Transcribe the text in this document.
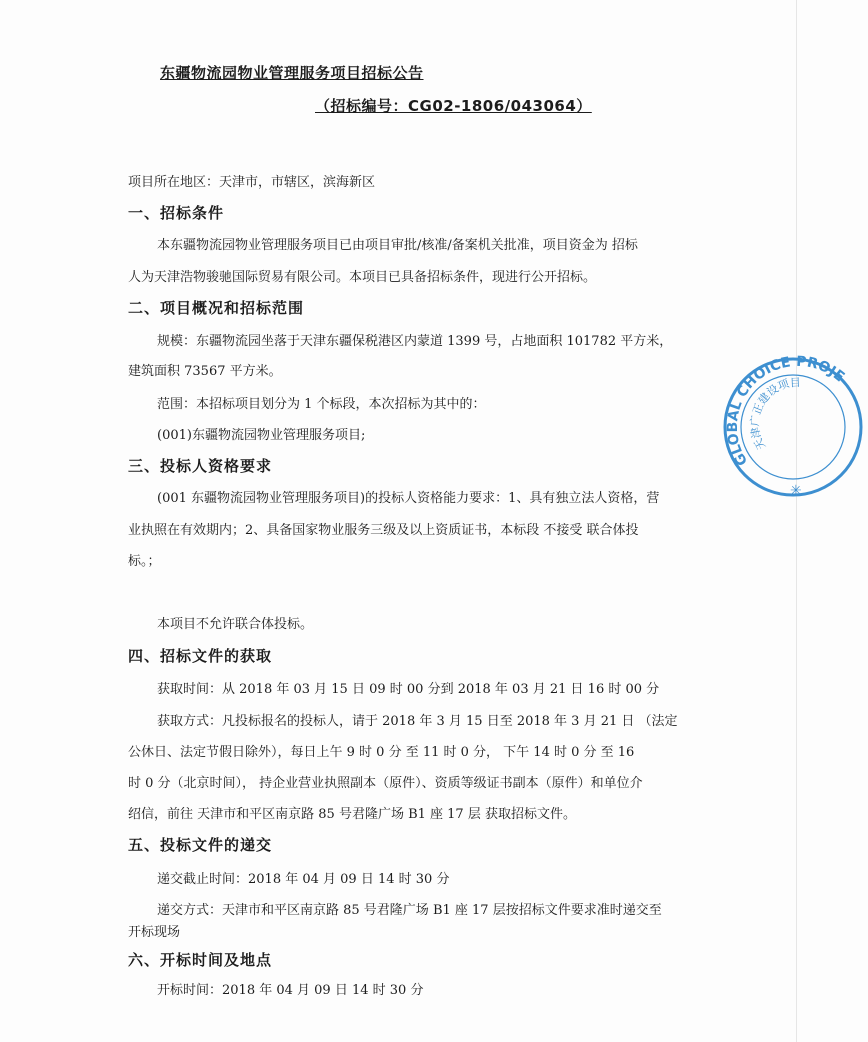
东疆物流园物业管理服务项目招标公告
（招标编号：CG02-1806/043064）
项目所在地区：天津市，市辖区，滨海新区
一、招标条件
本东疆物流园物业管理服务项目已由项目审批/核准/备案机关批准，项目资金为 招标
人为天津浩物骏驰国际贸易有限公司。本项目已具备招标条件，现进行公开招标。
二、项目概况和招标范围
规模：东疆物流园坐落于天津东疆保税港区内蒙道 1399 号，占地面积 101782 平方米，
建筑面积 73567 平方米。
范围：本招标项目划分为 1 个标段，本次招标为其中的：
(001)东疆物流园物业管理服务项目;
三、投标人资格要求
(001 东疆物流园物业管理服务项目)的投标人资格能力要求：1、具有独立法人资格，营
业执照在有效期内；2、具备国家物业服务三级及以上资质证书，本标段 不接受 联合体投
标。；
本项目不允许联合体投标。
四、招标文件的获取
获取时间：从 2018 年 03 月 15 日 09 时 00 分到 2018 年 03 月 21 日 16 时 00 分
获取方式：凡投标报名的投标人，请于 2018 年 3 月 15 日至 2018 年 3 月 21 日 （法定
公休日、法定节假日除外），每日上午 9 时 0 分 至 11 时 0 分， 下午 14 时 0 分 至 16
时 0 分（北京时间）， 持企业营业执照副本（原件）、资质等级证书副本（原件）和单位介
绍信，前往 天津市和平区南京路 85 号君隆广场 B1 座 17 层 获取招标文件。
五、投标文件的递交
递交截止时间：2018 年 04 月 09 日 14 时 30 分
递交方式：天津市和平区南京路 85 号君隆广场 B1 座 17 层按招标文件要求准时递交至
开标现场
六、开标时间及地点
开标时间：2018 年 04 月 09 日 14 时 30 分
GLOBAL CHOICE PROJE
天津广正建设项目
✳
